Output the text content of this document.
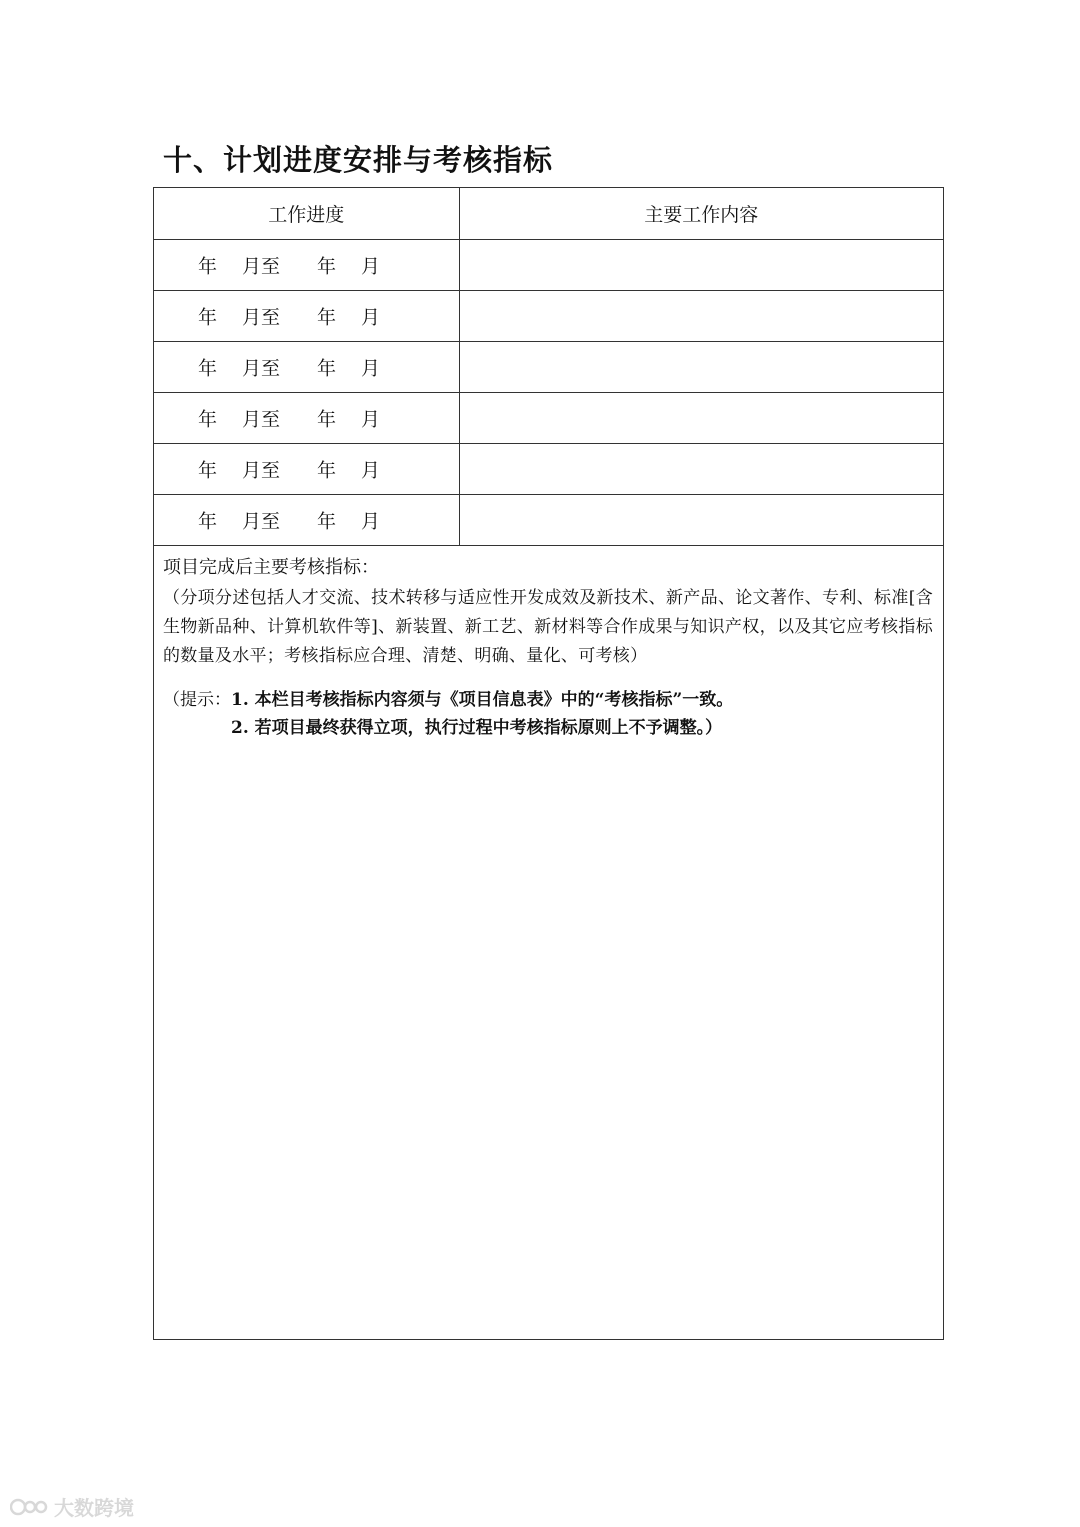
十、计划进度安排与考核指标
工作进度	主要工作内容

年 月至 年 月	

年 月至 年 月	

年 月至 年 月	

年 月至 年 月	

年 月至 年 月	

年 月至 年 月	

项目完成后主要考核指标：

（分项分述包括人才交流、技术转移与适应性开发成效及新技术、新产品、论文著作、专利、标准[含生物新品种、计算机软件等]、新装置、新工艺、新材料等合作成果与知识产权，以及其它应考核指标的数量及水平；考核指标应合理、清楚、明确、量化、可考核）

（提示： 1. 本栏目考核指标内容须与《项目信息表》中的“考核指标”一致。
2. 若项目最终获得立项，执行过程中考核指标原则上不予调整。）
大数跨境
